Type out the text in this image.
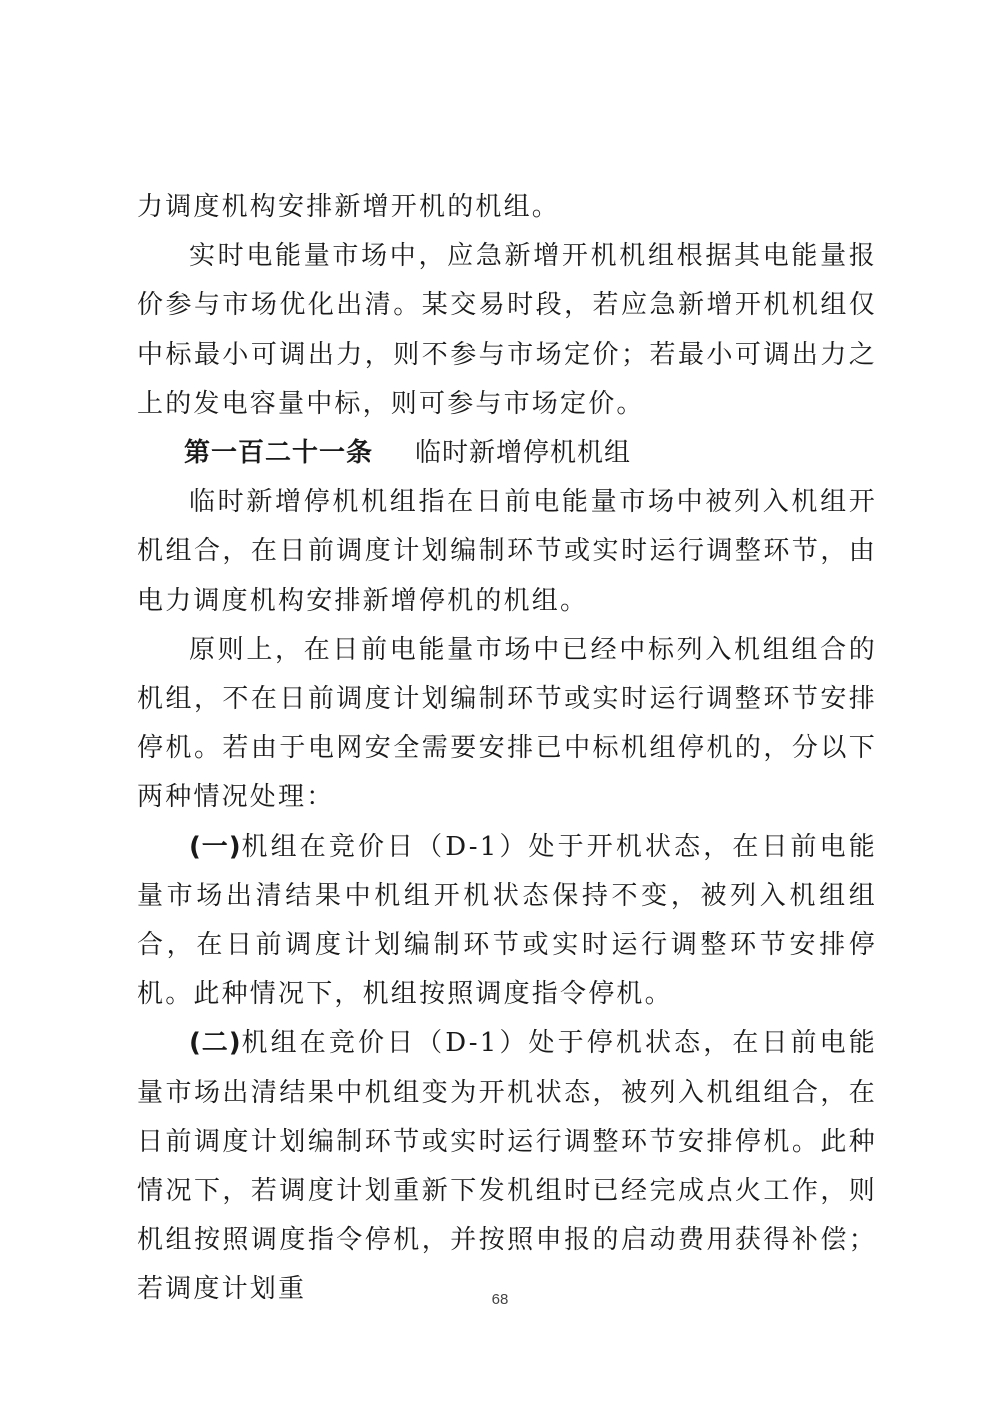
力调度机构安排新增开机的机组。

实时电能量市场中，应急新增开机机组根据其电能量报价参与市场优化出清。某交易时段，若应急新增开机机组仅中标最小可调出力，则不参与市场定价；若最小可调出力之上的发电容量中标，则可参与市场定价。

第一百二十一条 临时新增停机机组

临时新增停机机组指在日前电能量市场中被列入机组开机组合，在日前调度计划编制环节或实时运行调整环节，由电力调度机构安排新增停机的机组。

原则上，在日前电能量市场中已经中标列入机组组合的机组，不在日前调度计划编制环节或实时运行调整环节安排停机。若由于电网安全需要安排已中标机组停机的，分以下两种情况处理：

(一)机组在竞价日（D-1）处于开机状态，在日前电能量市场出清结果中机组开机状态保持不变，被列入机组组合，在日前调度计划编制环节或实时运行调整环节安排停机。此种情况下，机组按照调度指令停机。

(二)机组在竞价日（D-1）处于停机状态，在日前电能量市场出清结果中机组变为开机状态，被列入机组组合，在日前调度计划编制环节或实时运行调整环节安排停机。此种情况下，若调度计划重新下发机组时已经完成点火工作，则机组按照调度指令停机，并按照申报的启动费用获得补偿；若调度计划重	68
